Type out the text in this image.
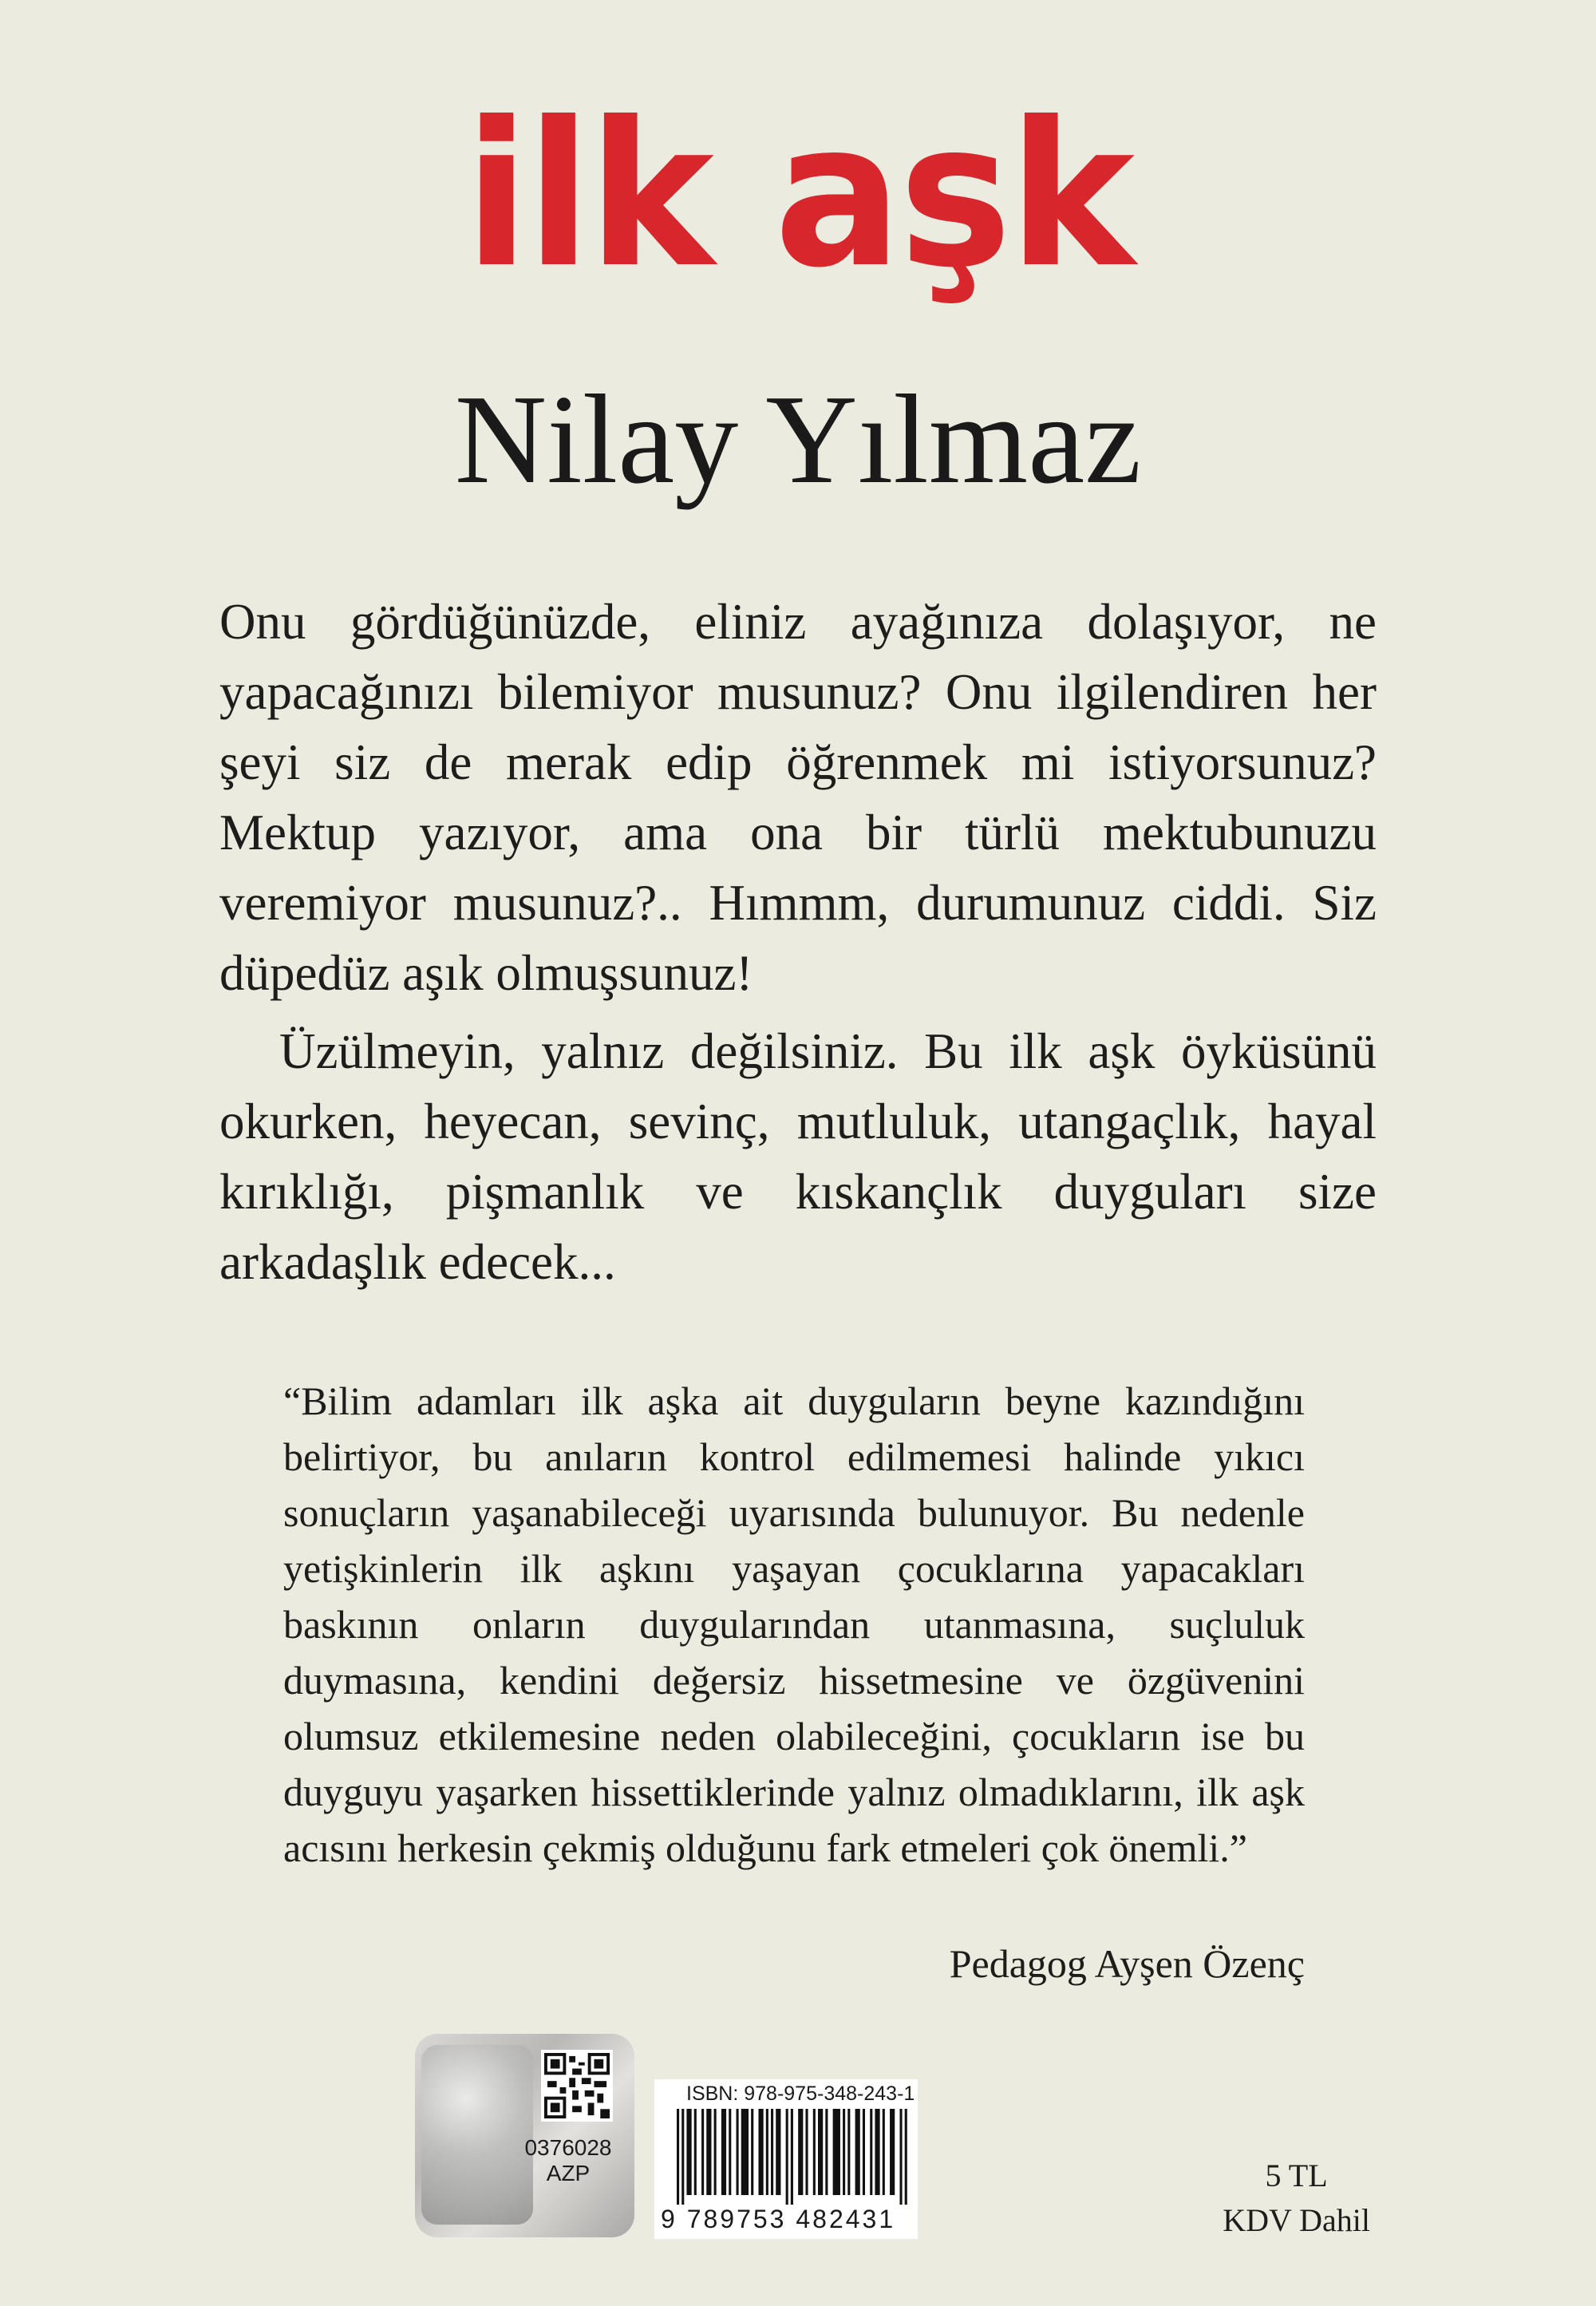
ilk aşk
Nilay Yılmaz

Onu gördüğünüzde, eliniz ayağınıza dolaşıyor, ne yapacağınızı bilemiyor musunuz? Onu ilgilendiren her şeyi siz de merak edip öğrenmek mi istiyorsunuz? Mektup yazıyor, ama ona bir türlü mektubunuzu veremiyor musunuz?.. Hımmm, durumunuz ciddi. Siz düpedüz aşık olmuşsunuz!

Üzülmeyin, yalnız değilsiniz. Bu ilk aşk öyküsünü okurken, heyecan, sevinç, mutluluk, utangaçlık, hayal kırıklığı, pişmanlık ve kıskançlık duyguları size arkadaşlık edecek...

“Bilim adamları ilk aşka ait duyguların beyne kazındığını belirtiyor, bu anıların kontrol edilmemesi halinde yıkıcı sonuçların yaşanabileceği uyarısında bulunuyor. Bu nedenle yetişkinlerin ilk aşkını yaşayan çocuklarına yapacakları baskının onların duygularından utanmasına, suçluluk duymasına, kendini değersiz hissetmesine ve özgüvenini olumsuz etkilemesine neden olabileceğini, çocukların ise bu duyguyu yaşarken hissettiklerinde yalnız olmadıklarını, ilk aşk acısını herkesin çekmiş olduğunu fark etmeleri çok önemli.”

Pedagog Ayşen Özenç
0376028
AZP
ISBN: 978-975-348-243-1
9 789753 482431
5 TL
KDV Dahil
